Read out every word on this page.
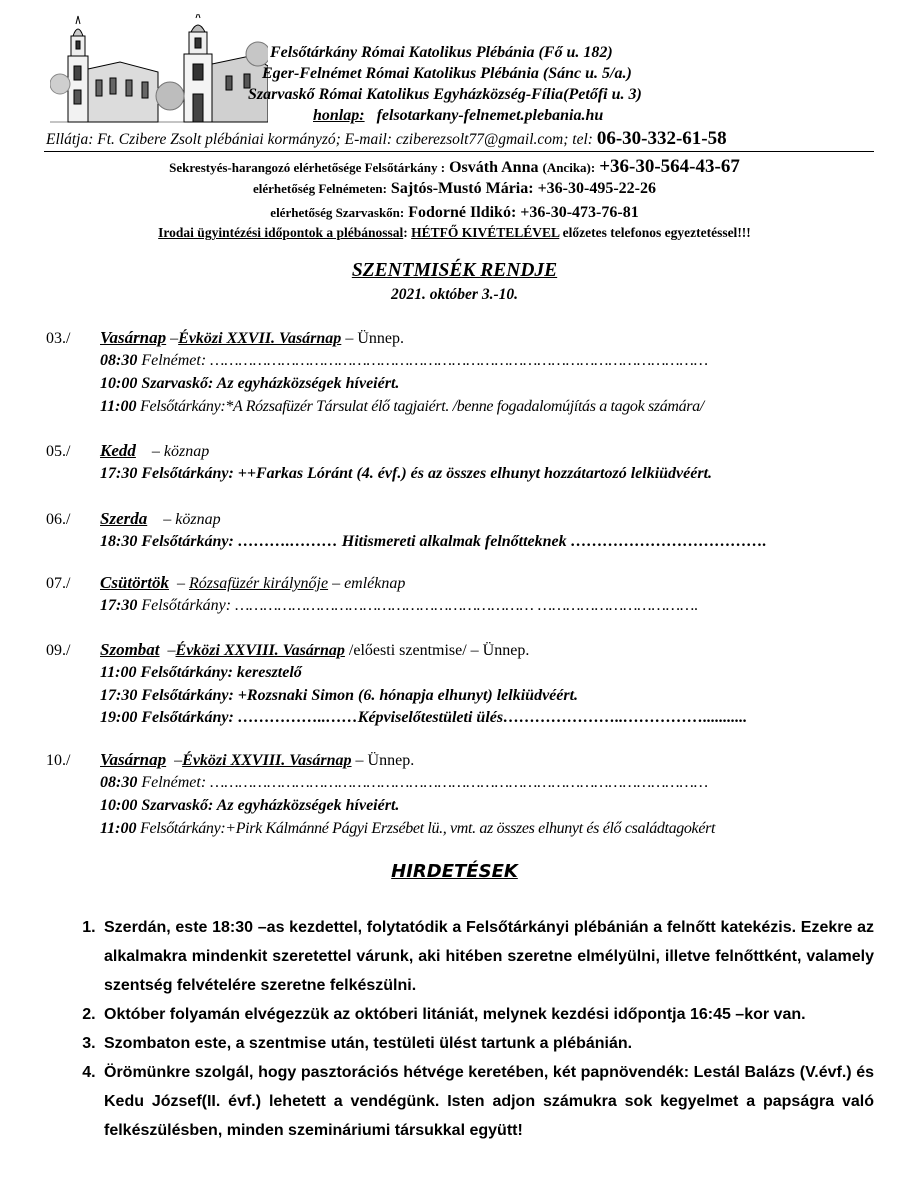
Felsőtárkány Római Katolikus Plébánia (Fő u. 182)
Eger-Felnémet Római Katolikus Plébánia (Sánc u. 5/a.)
Szarvaskő Római Katolikus Egyházközség-Fília(Petőfi u. 3)
honlap: felsotarkany-felnemet.plebania.hu
Ellátja: Ft. Czibere Zsolt plébániai kormányzó; E-mail: cziberezsolt77@gmail.com; tel: 06-30-332-61-58
Sekrestyés-harangozó elérhetősége Felsőtárkány : Osváth Anna (Ancika): +36-30-564-43-67
elérhetőség Felnémeten: Sajtós-Mustó Mária: +36-30-495-22-26
elérhetőség Szarvaskőn: Fodorné Ildikó: +36-30-473-76-81
Irodai ügyintézési időpontok a plébánossal: HÉTFŐ KIVÉTELÉVEL előzetes telefonos egyeztetéssel!!!
SZENTMISÉK RENDJE
2021. október 3.-10.
03./ Vasárnap –Évközi XXVII. Vasárnap – Ünnep.
08:30 Felnémet: ……………………………………………………………………………………………
10:00 Szarvaskő: Az egyházközségek híveiért.
11:00 Felsőtárkány:*A Rózsafüzér Társulat élő tagjaiért. /benne fogadalomújítás a tagok számára/
05./ Kedd – köznap
17:30 Felsőtárkány: ++Farkas Lóránt (4. évf.) és az összes elhunyt hozzátartozó lelkiüdvéért.
06./ Szerda – köznap
18:30 Felsőtárkány: ……….……… Hitismereti alkalmak felnőtteknek ……………………………….
07./ Csütörtök  – Rózsafüzér királynője – emléknap
17:30 Felsőtárkány: ……………………………………………………… …………………………….
09./ Szombat  –Évközi XXVIII. Vasárnap /előesti szentmise/ – Ünnep.
11:00 Felsőtárkány: keresztelő
17:30 Felsőtárkány: +Rozsnaki Simon (6. hónapja elhunyt) lelkiüdvéért.
19:00 Felsőtárkány: ……………..……Képviselőtestületi ülés…………………..……………...........
10./ Vasárnap  –Évközi XXVIII. Vasárnap – Ünnep.
08:30 Felnémet: ……………………………………………………………………………………………
10:00 Szarvaskő: Az egyházközségek híveiért.
11:00 Felsőtárkány:+Pirk Kálmánné Págyi Erzsébet lü., vmt. az összes elhunyt és élő családtagokért
HIRDETÉSEK
1. Szerdán, este 18:30 –as kezdettel, folytatódik a Felsőtárkányi plébánián a felnőtt katekézis. Ezekre az alkalmakra mindenkit szeretettel várunk, aki hitében szeretne elmélyülni, illetve felnőttként, valamely szentség felvételére szeretne felkészülni.
2. Október folyamán elvégezzük az októberi litániát, melynek kezdési időpontja 16:45 –kor van.
3. Szombaton este, a szentmise után, testületi ülést tartunk a plébánián.
4. Örömünkre szolgál, hogy pasztorációs hétvége keretében, két papnövendék: Lestál Balázs (V.évf.) és Kedu József(II. évf.) lehetett a vendégünk. Isten adjon számukra sok kegyelmet a papságra való felkészülésben, minden szemináriumi társukkal együtt!
